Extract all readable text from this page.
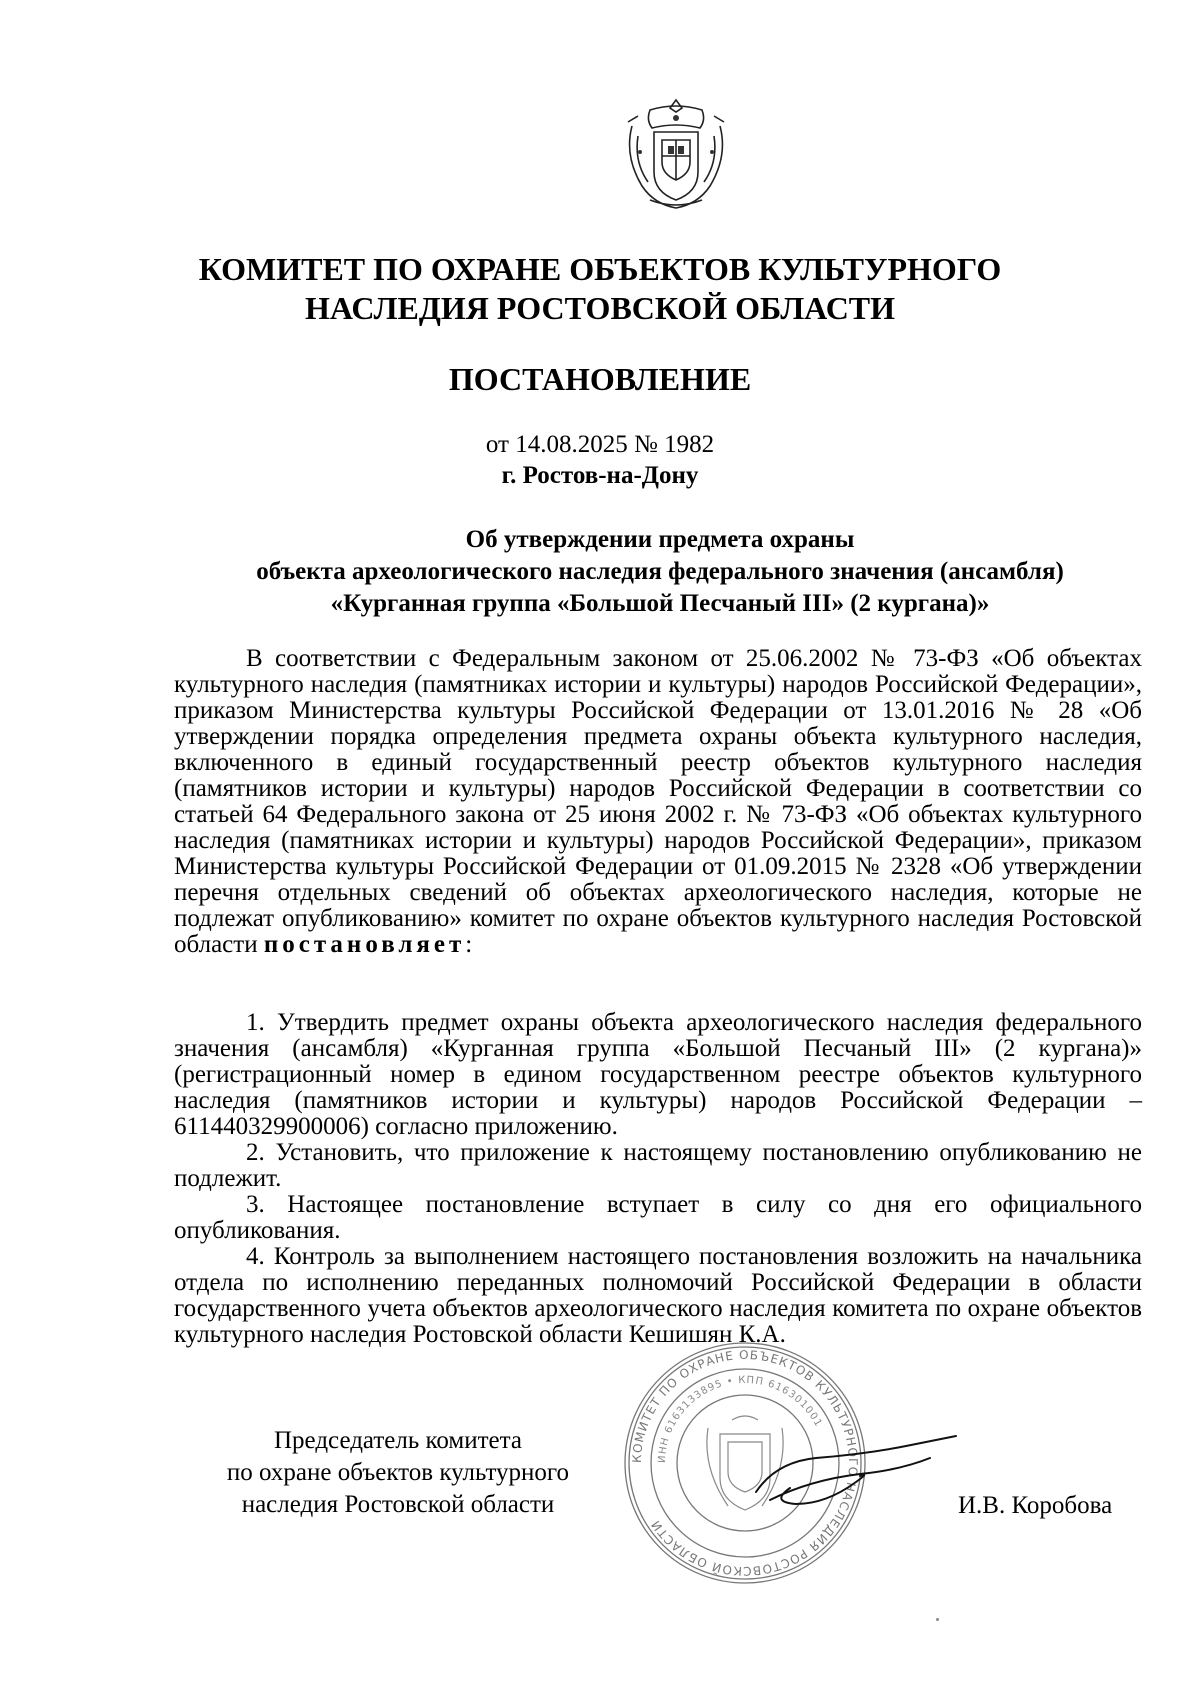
КОМИТЕТ ПО ОХРАНЕ ОБЪЕКТОВ КУЛЬТУРНОГО
НАСЛЕДИЯ РОСТОВСКОЙ ОБЛАСТИ
ПОСТАНОВЛЕНИЕ
от 14.08.2025 № 1982
г. Ростов-на-Дону
Об утверждении предмета охраны
объекта археологического наследия федерального значения (ансамбля)
«Курганная группа «Большой Песчаный III» (2 кургана)»

В соответствии с Федеральным законом от 25.06.2002 № 73-ФЗ «Об объектах культурного наследия (памятниках истории и культуры) народов Российской Федерации», приказом Министерства культуры Российской Федерации от 13.01.2016 № 28 «Об утверждении порядка определения предмета охраны объекта культурного наследия, включенного в единый государственный реестр объектов культурного наследия (памятников истории и культуры) народов Российской Федерации в соответствии со статьей 64 Федерального закона от 25 июня 2002 г. № 73-ФЗ «Об объектах культурного наследия (памятниках истории и культуры) народов Российской Федерации», приказом Министерства культуры Российской Федерации от 01.09.2015 № 2328 «Об утверждении перечня отдельных сведений об объектах археологического наследия, которые не подлежат опубликованию» комитет по охране объектов культурного наследия Ростовской области постановляет:

1. Утвердить предмет охраны объекта археологического наследия федерального значения (ансамбля) «Курганная группа «Большой Песчаный III» (2 кургана)» (регистрационный номер в едином государственном реестре объектов культурного наследия (памятников истории и культуры) народов Российской Федерации – 611440329900006) согласно приложению.

2. Установить, что приложение к настоящему постановлению опубликованию не подлежит.

3. Настоящее постановление вступает в силу со дня его официального опубликования.

4. Контроль за выполнением настоящего постановления возложить на начальника отдела по исполнению переданных полномочий Российской Федерации в области государственного учета объектов археологического наследия комитета по охране объектов культурного наследия Ростовской области Кешишян К.А.

Председатель комитета
по охране объектов культурного
наследия Ростовской области
КОМИТЕТ ПО ОХРАНЕ ОБЪЕКТОВ КУЛЬТУРНОГО НАСЛЕДИЯ РОСТОВСКОЙ ОБЛАСТИ
ИНН 6163133895 • КПП 616301001
И.В. Коробова
